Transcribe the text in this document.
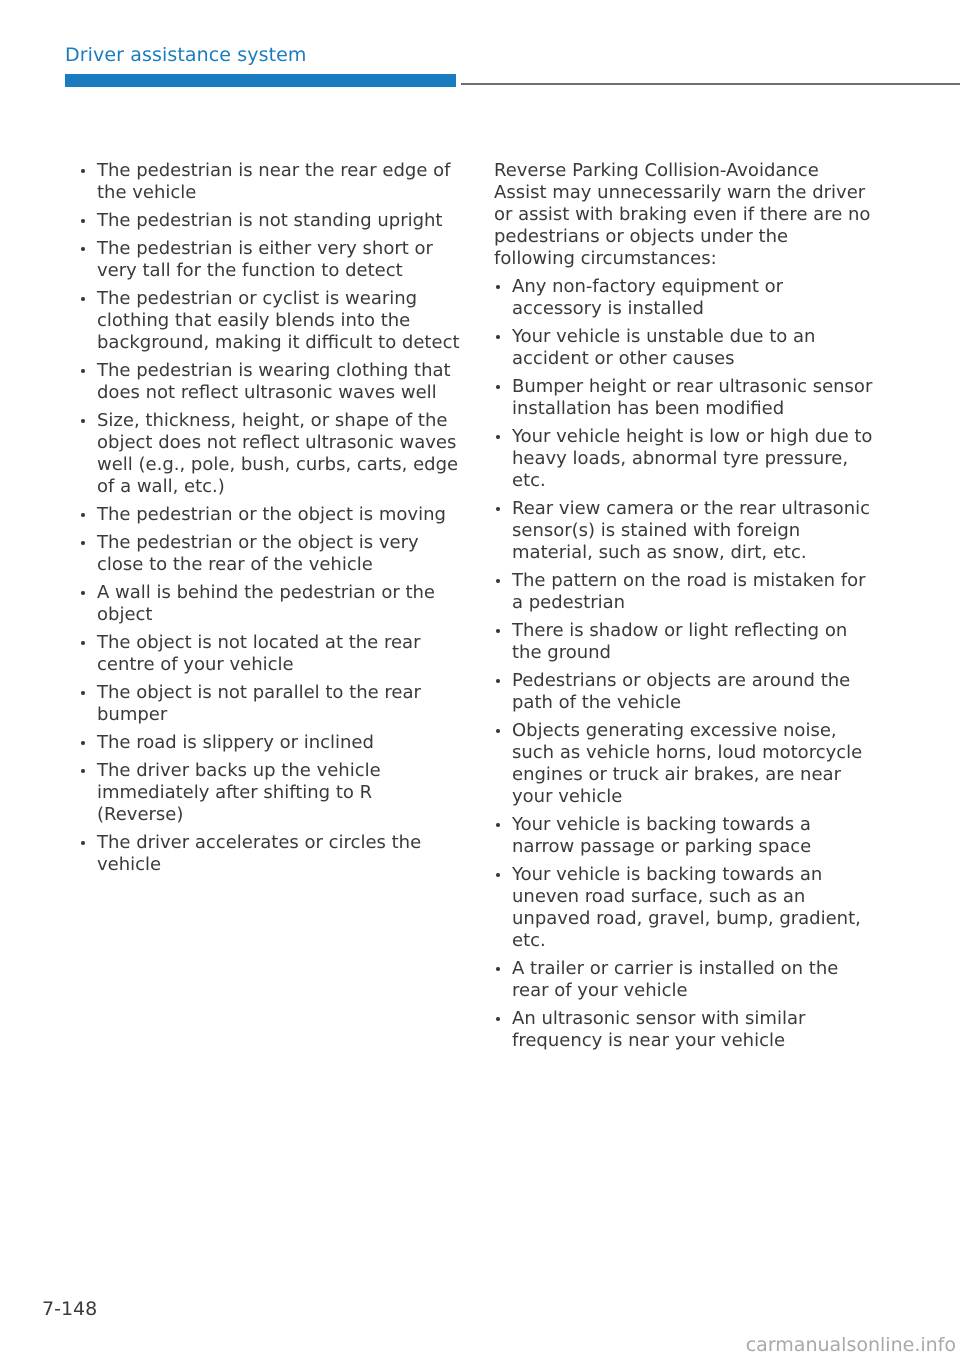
Driver assistance system
The pedestrian is near the rear edge of the vehicle
The pedestrian is not standing upright
The pedestrian is either very short or very tall for the function to detect
The pedestrian or cyclist is wearing clothing that easily blends into the background, making it difficult to detect
The pedestrian is wearing clothing that does not reflect ultrasonic waves well
Size, thickness, height, or shape of the object does not reflect ultrasonic waves well (e.g., pole, bush, curbs, carts, edge of a wall, etc.)
The pedestrian or the object is moving
The pedestrian or the object is very close to the rear of the vehicle
A wall is behind the pedestrian or the object
The object is not located at the rear centre of your vehicle
The object is not parallel to the rear bumper
The road is slippery or inclined
The driver backs up the vehicle immediately after shifting to R (Reverse)
The driver accelerates or circles the vehicle

Reverse Parking Collision-Avoidance Assist may unnecessarily warn the driver or assist with braking even if there are no pedestrians or objects under the following circumstances:

Any non-factory equipment or accessory is installed
Your vehicle is unstable due to an accident or other causes
Bumper height or rear ultrasonic sensor installation has been modified
Your vehicle height is low or high due to heavy loads, abnormal tyre pressure, etc.
Rear view camera or the rear ultrasonic sensor(s) is stained with foreign material, such as snow, dirt, etc.
The pattern on the road is mistaken for a pedestrian
There is shadow or light reflecting on the ground
Pedestrians or objects are around the path of the vehicle
Objects generating excessive noise, such as vehicle horns, loud motorcycle engines or truck air brakes, are near your vehicle
Your vehicle is backing towards a narrow passage or parking space
Your vehicle is backing towards an uneven road surface, such as an unpaved road, gravel, bump, gradient, etc.
A trailer or carrier is installed on the rear of your vehicle
An ultrasonic sensor with similar frequency is near your vehicle
7-148
carmanualsonline.info
